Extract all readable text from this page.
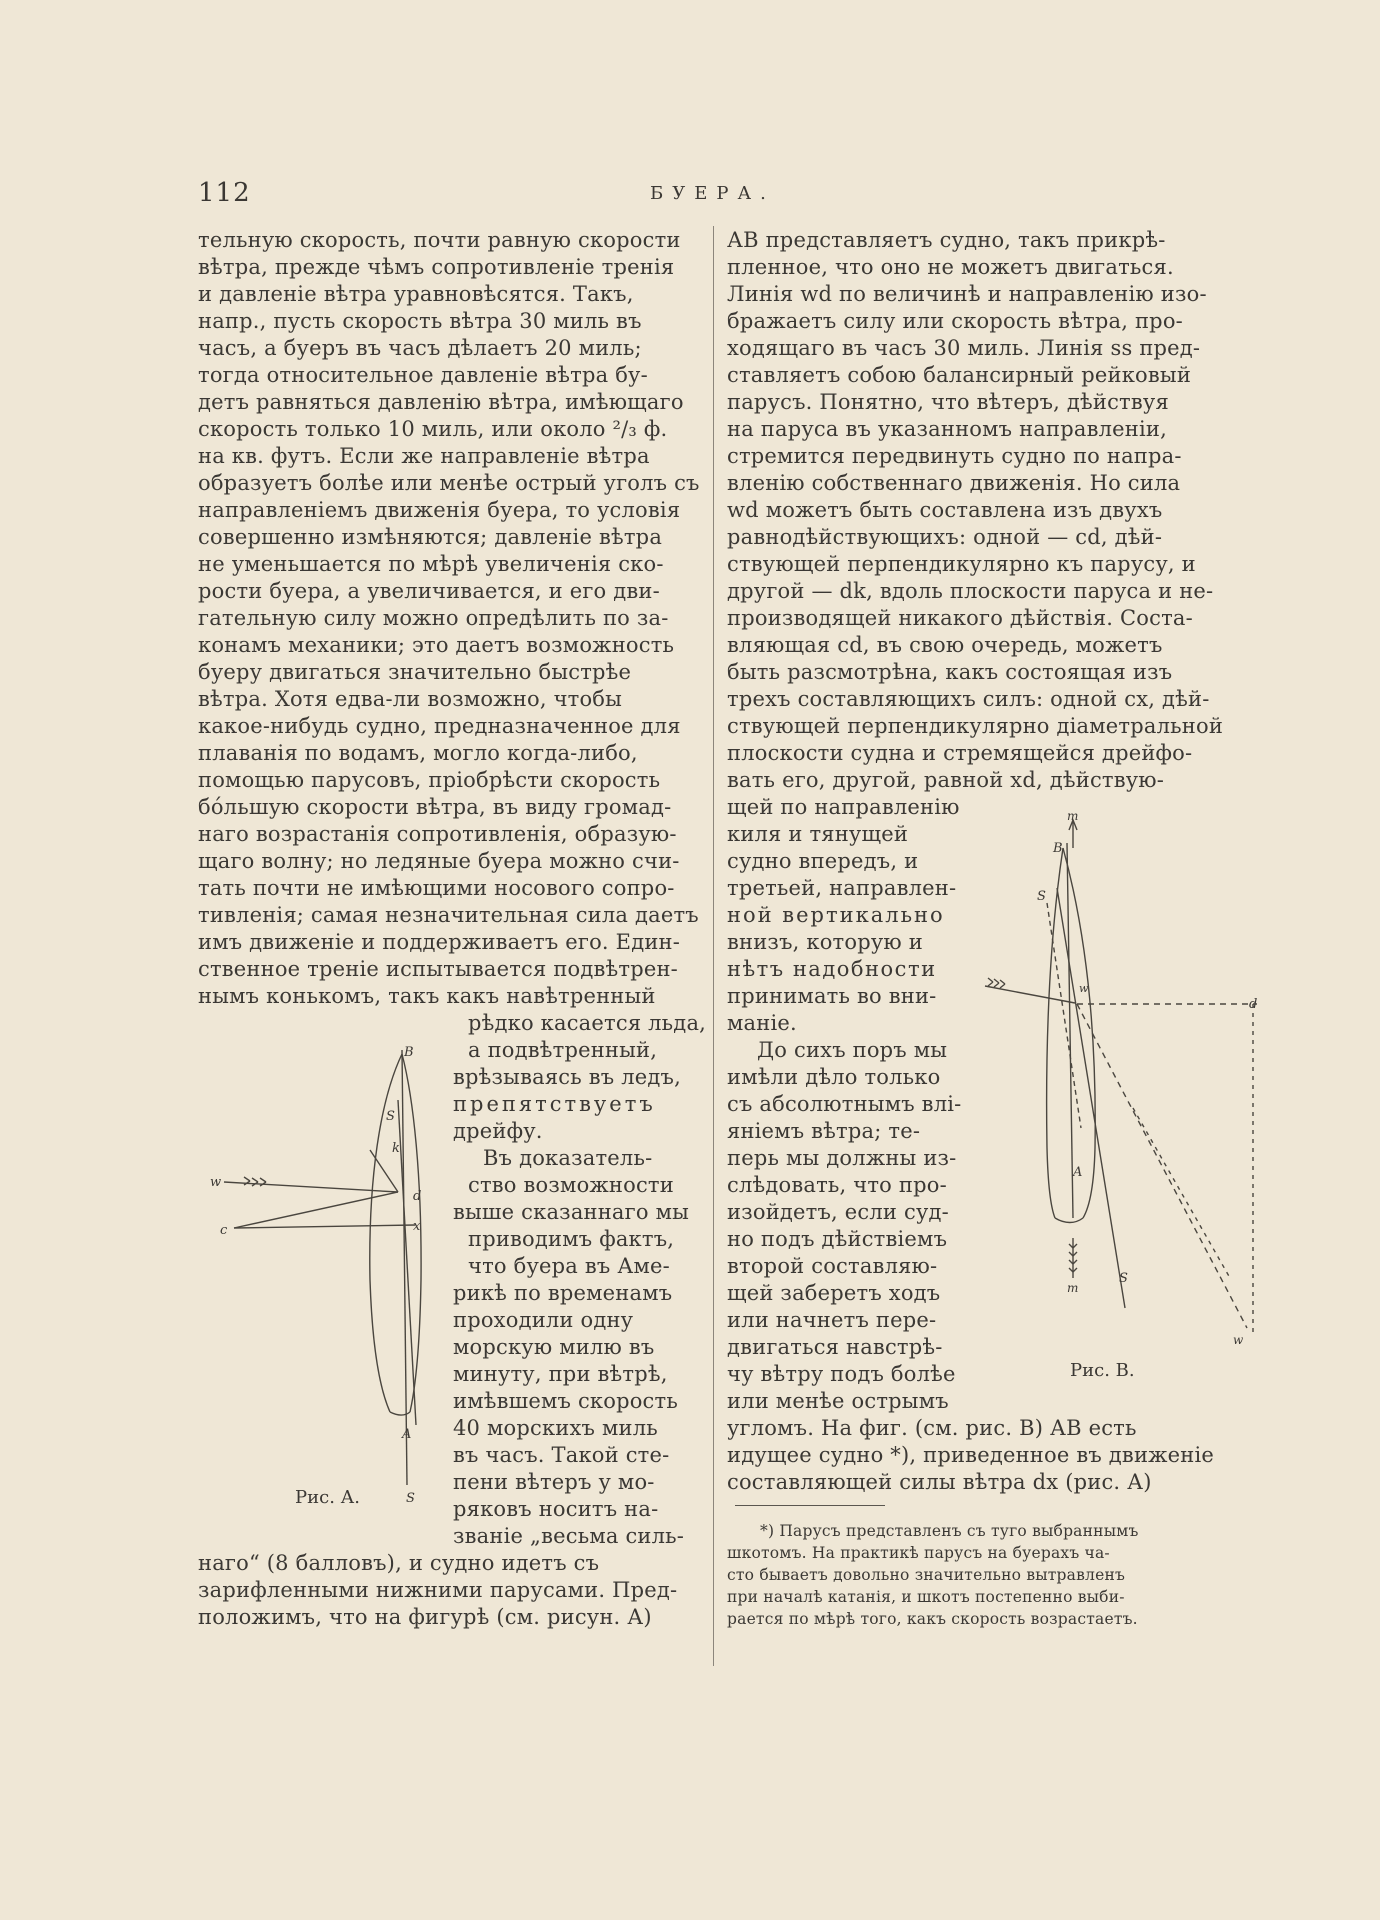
112	БУЕРА.
тельную скорость, почти равную скорости
вѣтра, прежде чѣмъ сопротивленіе тренія
и давленіе вѣтра уравновѣсятся. Такъ,
напр., пусть скорость вѣтра 30 миль въ
часъ, а буеръ въ часъ дѣлаетъ 20 миль;
тогда относительное давленіе вѣтра бу-
детъ равняться давленію вѣтра, имѣющаго
скорость только 10 миль, или около ²/₃ ф.
на кв. футъ. Если же направленіе вѣтра
образуетъ болѣе или менѣе острый уголъ съ
направленіемъ движенія буера, то условія
совершенно измѣняются; давленіе вѣтра
не уменьшается по мѣрѣ увеличенія ско-
рости буера, а увеличивается, и его дви-
гательную силу можно опредѣлить по за-
конамъ механики; это даетъ возможность
буеру двигаться значительно быстрѣе
вѣтра. Хотя едва-ли возможно, чтобы
какое-нибудь судно, предназначенное для
плаванія по водамъ, могло когда-либо,
помощью парусовъ, пріобрѣсти скорость
бо́льшую скорости вѣтра, въ виду громад-
наго возрастанія сопротивленія, образую-
щаго волну; но ледяные буера можно счи-
тать почти не имѣющими носового сопро-
тивленія; самая незначительная сила даетъ
имъ движеніе и поддерживаетъ его. Един-
ственное треніе испытывается подвѣтрен-
нымъ конькомъ, такъ какъ навѣтренный
рѣдко касается льда,
а подвѣтренный,
врѣзываясь въ ледъ,
препятствуетъ
дрейфу.
Въ доказатель-
ство возможности
выше сказаннаго мы
приводимъ фактъ,
что буера въ Аме-
рикѣ по временамъ
проходили одну
морскую милю въ
минуту, при вѣтрѣ,
имѣвшемъ скорость
40 морскихъ миль
въ часъ. Такой сте-
пени вѣтеръ у мо-
ряковъ носитъ на-
званіе „весьма силь-
наго“ (8 балловъ), и судно идетъ съ
зарифленными нижними парусами. Пред-
положимъ, что на фигурѣ (см. рисун. А)
B
S
k
w
d
c	x
A
S
Рис. А.
АВ представляетъ судно, такъ прикрѣ-
пленное, что оно не можетъ двигаться.
Линія wd по величинѣ и направленію изо-
бражаетъ силу или скорость вѣтра, про-
ходящаго въ часъ 30 миль. Линія ss пред-
ставляетъ собою балансирный рейковый
парусъ. Понятно, что вѣтеръ, дѣйствуя
на паруса въ указанномъ направленіи,
стремится передвинуть судно по напра-
вленію собственнаго движенія. Но сила
wd можетъ быть составлена изъ двухъ
равнодѣйствующихъ: одной — cd, дѣй-
ствующей перпендикулярно къ парусу, и
другой — dk, вдоль плоскости паруса и не-
производящей никакого дѣйствія. Соста-
вляющая cd, въ свою очередь, можетъ
быть разсмотрѣна, какъ состоящая изъ
трехъ составляющихъ силъ: одной cx, дѣй-
ствующей перпендикулярно діаметральной
плоскости судна и стремящейся дрейфо-
вать его, другой, равной xd, дѣйствую-
щей по направленію
киля и тянущей
судно впередъ, и
третьей, направлен-
ной вертикально
внизъ, которую и
нѣтъ надобности
принимать во вни-
маніе.
До сихъ поръ мы
имѣли дѣло только
съ абсолютнымъ влі-
яніемъ вѣтра; те-
перь мы должны из-
слѣдовать, что про-
изойдетъ, если суд-
но подъ дѣйствіемъ
второй составляю-
щей заберетъ ходъ
или начнетъ пере-
двигаться навстрѣ-
чу вѣтру подъ болѣе
или менѣе острымъ
m
B
S
w
d
A
m
S
w
Рис. В.
угломъ. На фиг. (см. рис. В) АВ есть
идущее судно *), приведенное въ движеніе
составляющей силы вѣтра dx (рис. А)
*) Парусъ представленъ съ туго выбраннымъ
шкотомъ. На практикѣ парусъ на буерахъ ча-
сто бываетъ довольно значительно вытравленъ
при началѣ катанія, и шкотъ постепенно выби-
рается по мѣрѣ того, какъ скорость возрастаетъ.
